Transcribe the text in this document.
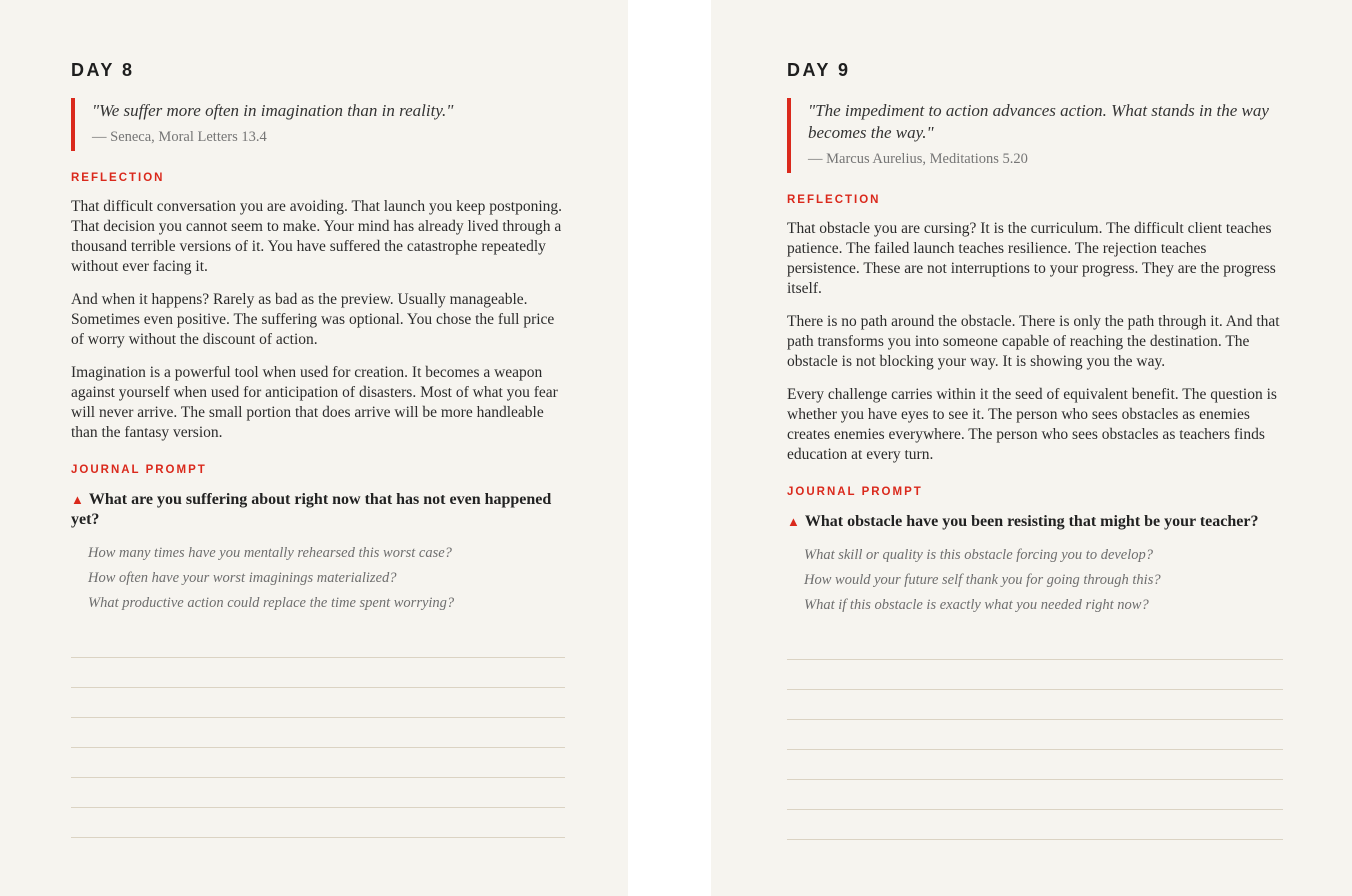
DAY 8

"We suffer more often in imagination than in reality."

— Seneca, Moral Letters 13.4

REFLECTION

That difficult conversation you are avoiding. That launch you keep postponing. That decision you cannot seem to make. Your mind has already lived through a thousand terrible versions of it. You have suffered the catastrophe repeatedly without ever facing it.

And when it happens? Rarely as bad as the preview. Usually manageable. Sometimes even positive. The suffering was optional. You chose the full price of worry without the discount of action.

Imagination is a powerful tool when used for creation. It becomes a weapon against yourself when used for anticipation of disasters. Most of what you fear will never arrive. The small portion that does arrive will be more handleable than the fantasy version.

JOURNAL PROMPT

▲ What are you suffering about right now that has not even happened yet?

How many times have you mentally rehearsed this worst case?

How often have your worst imaginings materialized?

What productive action could replace the time spent worrying?

DAY 9

"The impediment to action advances action. What stands in the way becomes the way."

— Marcus Aurelius, Meditations 5.20

REFLECTION

That obstacle you are cursing? It is the curriculum. The difficult client teaches patience. The failed launch teaches resilience. The rejection teaches persistence. These are not interruptions to your progress. They are the progress itself.

There is no path around the obstacle. There is only the path through it. And that path transforms you into someone capable of reaching the destination. The obstacle is not blocking your way. It is showing you the way.

Every challenge carries within it the seed of equivalent benefit. The question is whether you have eyes to see it. The person who sees obstacles as enemies creates enemies everywhere. The person who sees obstacles as teachers finds education at every turn.

JOURNAL PROMPT

▲ What obstacle have you been resisting that might be your teacher?

What skill or quality is this obstacle forcing you to develop?

How would your future self thank you for going through this?

What if this obstacle is exactly what you needed right now?
